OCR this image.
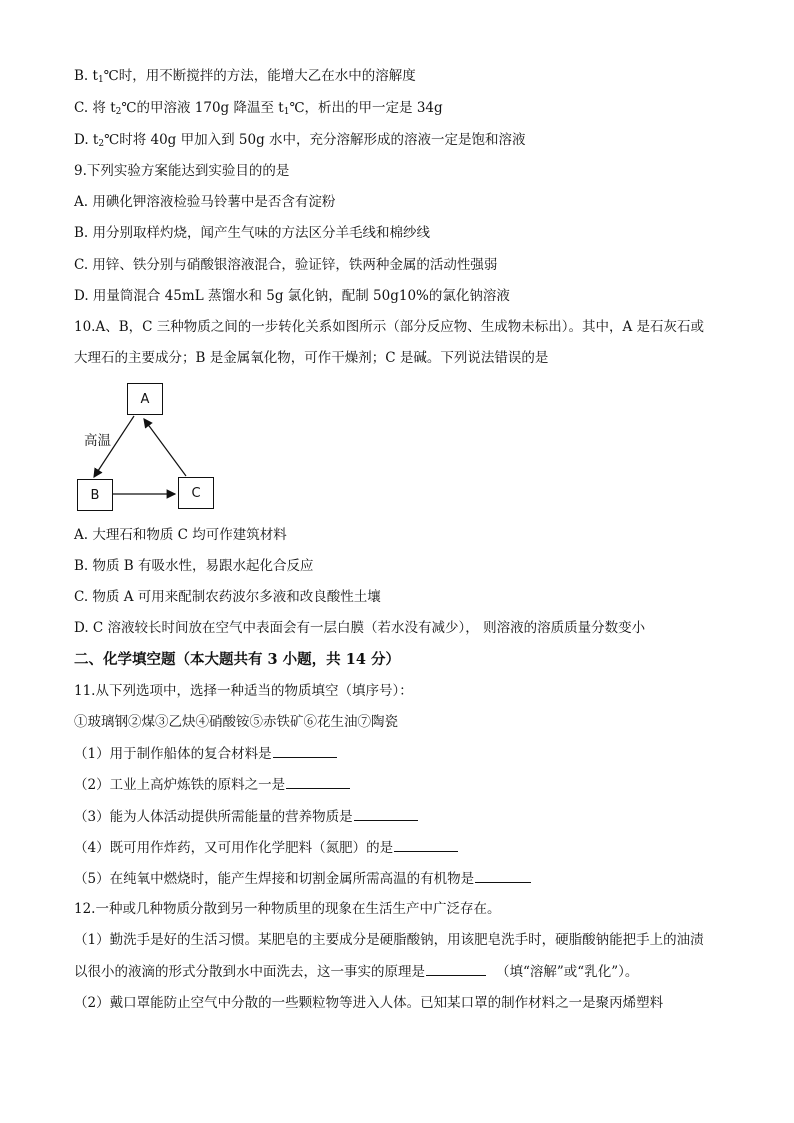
B. $t_1℃$时，用不断搅拌的方法，能增大乙在水中的溶解度
C. 将 $t_2℃$的甲溶液 170g 降温至 $t_1℃$，析出的甲一定是 34g
D. $t_2℃$时将 40g 甲加入到 50g 水中，充分溶解形成的溶液一定是饱和溶液
9.下列实验方案能达到实验目的的是
A. 用碘化钾溶液检验马铃薯中是否含有淀粉
B. 用分别取样灼烧，闻产生气味的方法区分羊毛线和棉纱线
C. 用锌、铁分别与硝酸银溶液混合，验证锌，铁两种金属的活动性强弱
D. 用量筒混合 45mL 蒸馏水和 5g 氯化钠，配制 50g10%的氯化钠溶液
10.A、B，C 三种物质之间的一步转化关系如图所示（部分反应物、生成物未标出）。其中，A 是石灰石或
大理石的主要成分；B 是金属氧化物，可作干燥剂；C 是碱。下列说法错误的是
A
B	C
高温
A. 大理石和物质 C 均可作建筑材料
B. 物质 B 有吸水性，易跟水起化合反应
C. 物质 A 可用来配制农药波尔多液和改良酸性土壤
D. C 溶液较长时间放在空气中表面会有一层白膜（若水没有减少）， 则溶液的溶质质量分数变小
二、化学填空题（本大题共有 3 小题，共 14 分）
11.从下列选项中，选择一种适当的物质填空（填序号）：
①玻璃钢②煤③乙炔④硝酸铵⑤赤铁矿⑥花生油⑦陶瓷
（1）用于制作船体的复合材料是
（2）工业上高炉炼铁的原料之一是
（3）能为人体活动提供所需能量的营养物质是
（4）既可用作炸药，又可用作化学肥料（氮肥）的是
（5）在纯氧中燃烧时，能产生焊接和切割金属所需高温的有机物是
12.一种或几种物质分散到另一种物质里的现象在生活生产中广泛存在。
（1）勤洗手是好的生活习惯。某肥皂的主要成分是硬脂酸钠，用该肥皂洗手时，硬脂酸钠能把手上的油渍
以很小的液滴的形式分散到水中面洗去，这一事实的原理是	（填“溶解”或“乳化”）。
（2）戴口罩能防止空气中分散的一些颗粒物等进入人体。已知某口罩的制作材料之一是聚丙烯塑料
